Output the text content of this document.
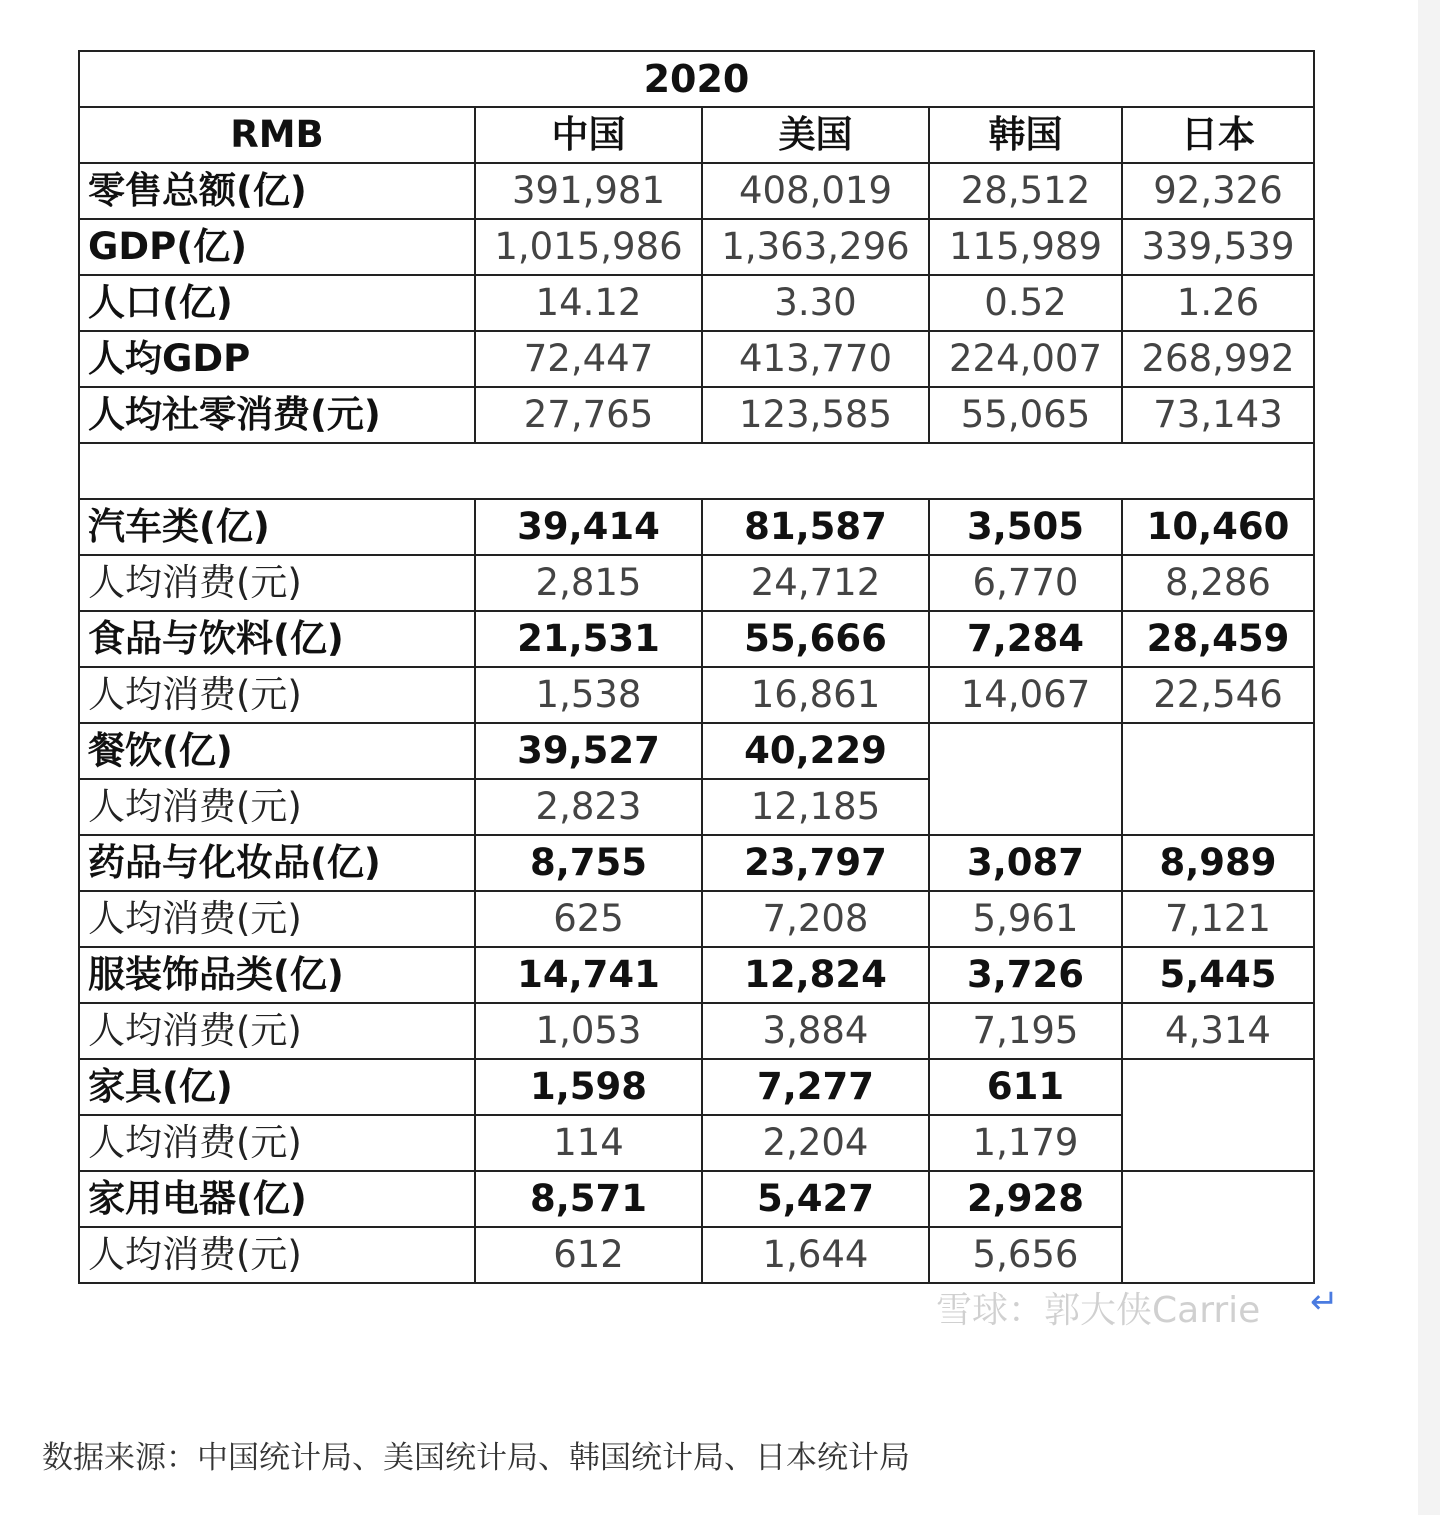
2020				
RMB	中国	美国	韩国	日本
零售总额(亿)	391,981	408,019	28,512	92,326
GDP(亿)	1,015,986	1,363,296	115,989	339,539
人口(亿)	14.12	3.30	0.52	1.26
人均GDP	72,447	413,770	224,007	268,992
人均社零消费(元)	27,765	123,585	55,065	73,143

汽车类(亿)	39,414	81,587	3,505	10,460
人均消费(元)	2,815	24,712	6,770	8,286
食品与饮料(亿)	21,531	55,666	7,284	28,459
人均消费(元)	1,538	16,861	14,067	22,546
餐饮(亿)	39,527	40,229		
人均消费(元)	2,823	12,185		
药品与化妆品(亿)	8,755	23,797	3,087	8,989
人均消费(元)	625	7,208	5,961	7,121
服装饰品类(亿)	14,741	12,824	3,726	5,445
人均消费(元)	1,053	3,884	7,195	4,314
家具(亿)	1,598	7,277	611	
人均消费(元)	114	2,204	1,179	
家用电器(亿)	8,571	5,427	2,928	
人均消费(元)	612	1,644	5,656	
雪球：郭大侠Carrie ↵
数据来源：中国统计局、美国统计局、韩国统计局、日本统计局
